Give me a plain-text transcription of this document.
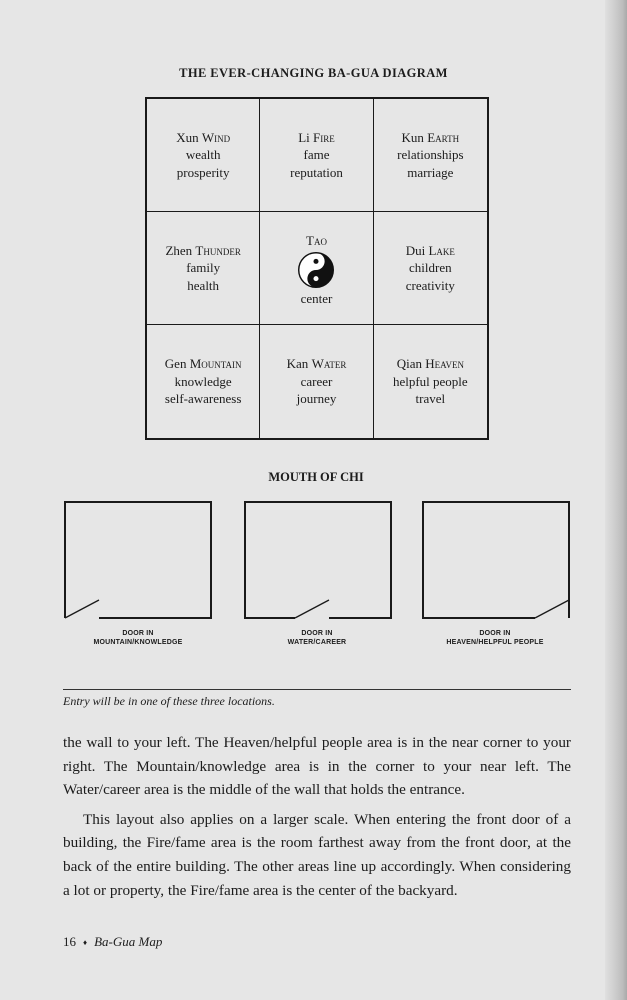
THE EVER-CHANGING BA-GUA DIAGRAM
Xun Wind
wealth
prosperity
Li Fire
fame
reputation
Kun Earth
relationships
marriage
Zhen Thunder
family
health
Tao
center
Dui Lake
children
creativity
Gen Mountain
knowledge
self-awareness
Kan Water
career
journey
Qian Heaven
helpful people
travel
MOUTH OF CHI
DOOR IN
MOUNTAIN/KNOWLEDGE
DOOR IN
WATER/CAREER
DOOR IN
HEAVEN/HELPFUL PEOPLE
Entry will be in one of these three locations.

the wall to your left. The Heaven/helpful people area is in the near corner to your right. The Mountain/knowledge area is in the corner to your near left. The Water/career area is the middle of the wall that holds the entrance.

This layout also applies on a larger scale. When entering the front door of a building, the Fire/fame area is the room farthest away from the front door, at the back of the entire building. The other areas line up accordingly. When considering a lot or property, the Fire/fame area is the center of the backyard.

16 ♦ Ba-Gua Map
